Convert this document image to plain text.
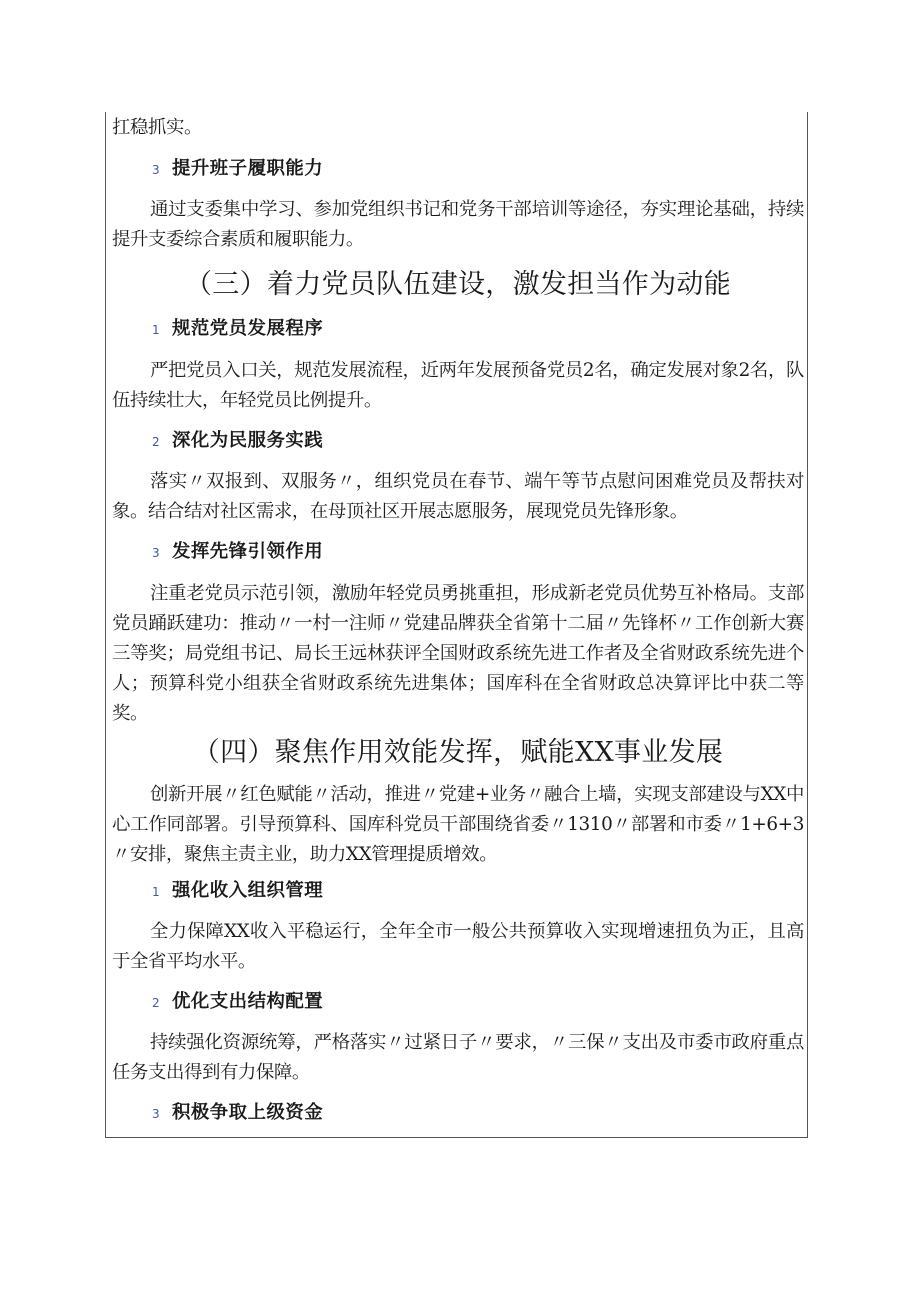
扛稳抓实。

3 提升班子履职能力

通过支委集中学习、参加党组织书记和党务干部培训等途径，夯实理论基础，持续提升支委综合素质和履职能力。

（三）着力党员队伍建设，激发担当作为动能
1 规范党员发展程序

严把党员入口关，规范发展流程，近两年发展预备党员2名，确定发展对象2名，队伍持续壮大，年轻党员比例提升。

2 深化为民服务实践

落实〃双报到、双服务〃，组织党员在春节、端午等节点慰问困难党员及帮扶对象。结合结对社区需求，在母顶社区开展志愿服务，展现党员先锋形象。

3 发挥先锋引领作用

注重老党员示范引领，激励年轻党员勇挑重担，形成新老党员优势互补格局。支部党员踊跃建功：推动〃一村一注师〃党建品牌获全省第十二届〃先锋杯〃工作创新大赛三等奖；局党组书记、局长王远林获评全国财政系统先进工作者及全省财政系统先进个人；预算科党小组获全省财政系统先进集体；国库科在全省财政总决算评比中获二等奖。

（四）聚焦作用效能发挥，赋能XX事业发展

创新开展〃红色赋能〃活动，推进〃党建+业务〃融合上墙，实现支部建设与XX中心工作同部署。引导预算科、国库科党员干部围绕省委〃1310〃部署和市委〃1+6+3〃安排，聚焦主责主业，助力XX管理提质增效。

1 强化收入组织管理

全力保障XX收入平稳运行，全年全市一般公共预算收入实现增速扭负为正，且高于全省平均水平。

2 优化支出结构配置

持续强化资源统筹，严格落实〃过紧日子〃要求，〃三保〃支出及市委市政府重点任务支出得到有力保障。

3 积极争取上级资金
